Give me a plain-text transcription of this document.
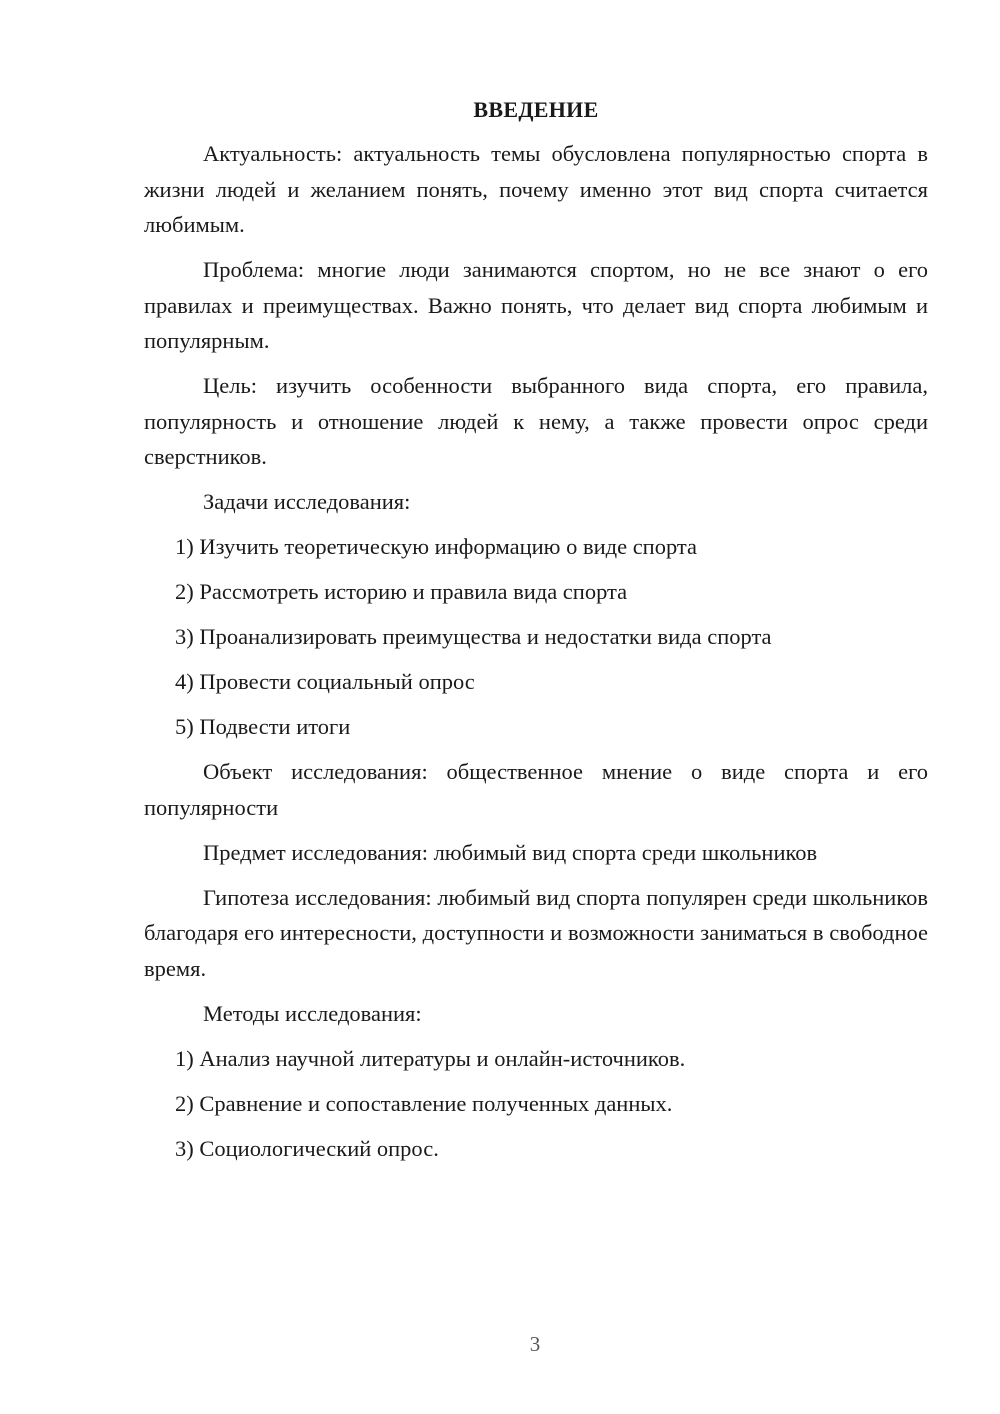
ВВЕДЕНИЕ

Актуальность: актуальность темы обусловлена популярностью спорта в жизни людей и желанием понять, почему именно этот вид спорта считается любимым.

Проблема: многие люди занимаются спортом, но не все знают о его правилах и преимуществах. Важно понять, что делает вид спорта любимым и популярным.

Цель: изучить особенности выбранного вида спорта, его правила, популярность и отношение людей к нему, а также провести опрос среди сверстников.

Задачи исследования:

1) Изучить теоретическую информацию о виде спорта

2) Рассмотреть историю и правила вида спорта

3) Проанализировать преимущества и недостатки вида спорта

4) Провести социальный опрос

5) Подвести итоги

Объект исследования: общественное мнение о виде спорта и его популярности

Предмет исследования: любимый вид спорта среди школьников

Гипотеза исследования: любимый вид спорта популярен среди школьников благодаря его интересности, доступности и возможности заниматься в свободное время.

Методы исследования:

1) Анализ научной литературы и онлайн-источников.

2) Сравнение и сопоставление полученных данных.

3) Социологический опрос.

3
